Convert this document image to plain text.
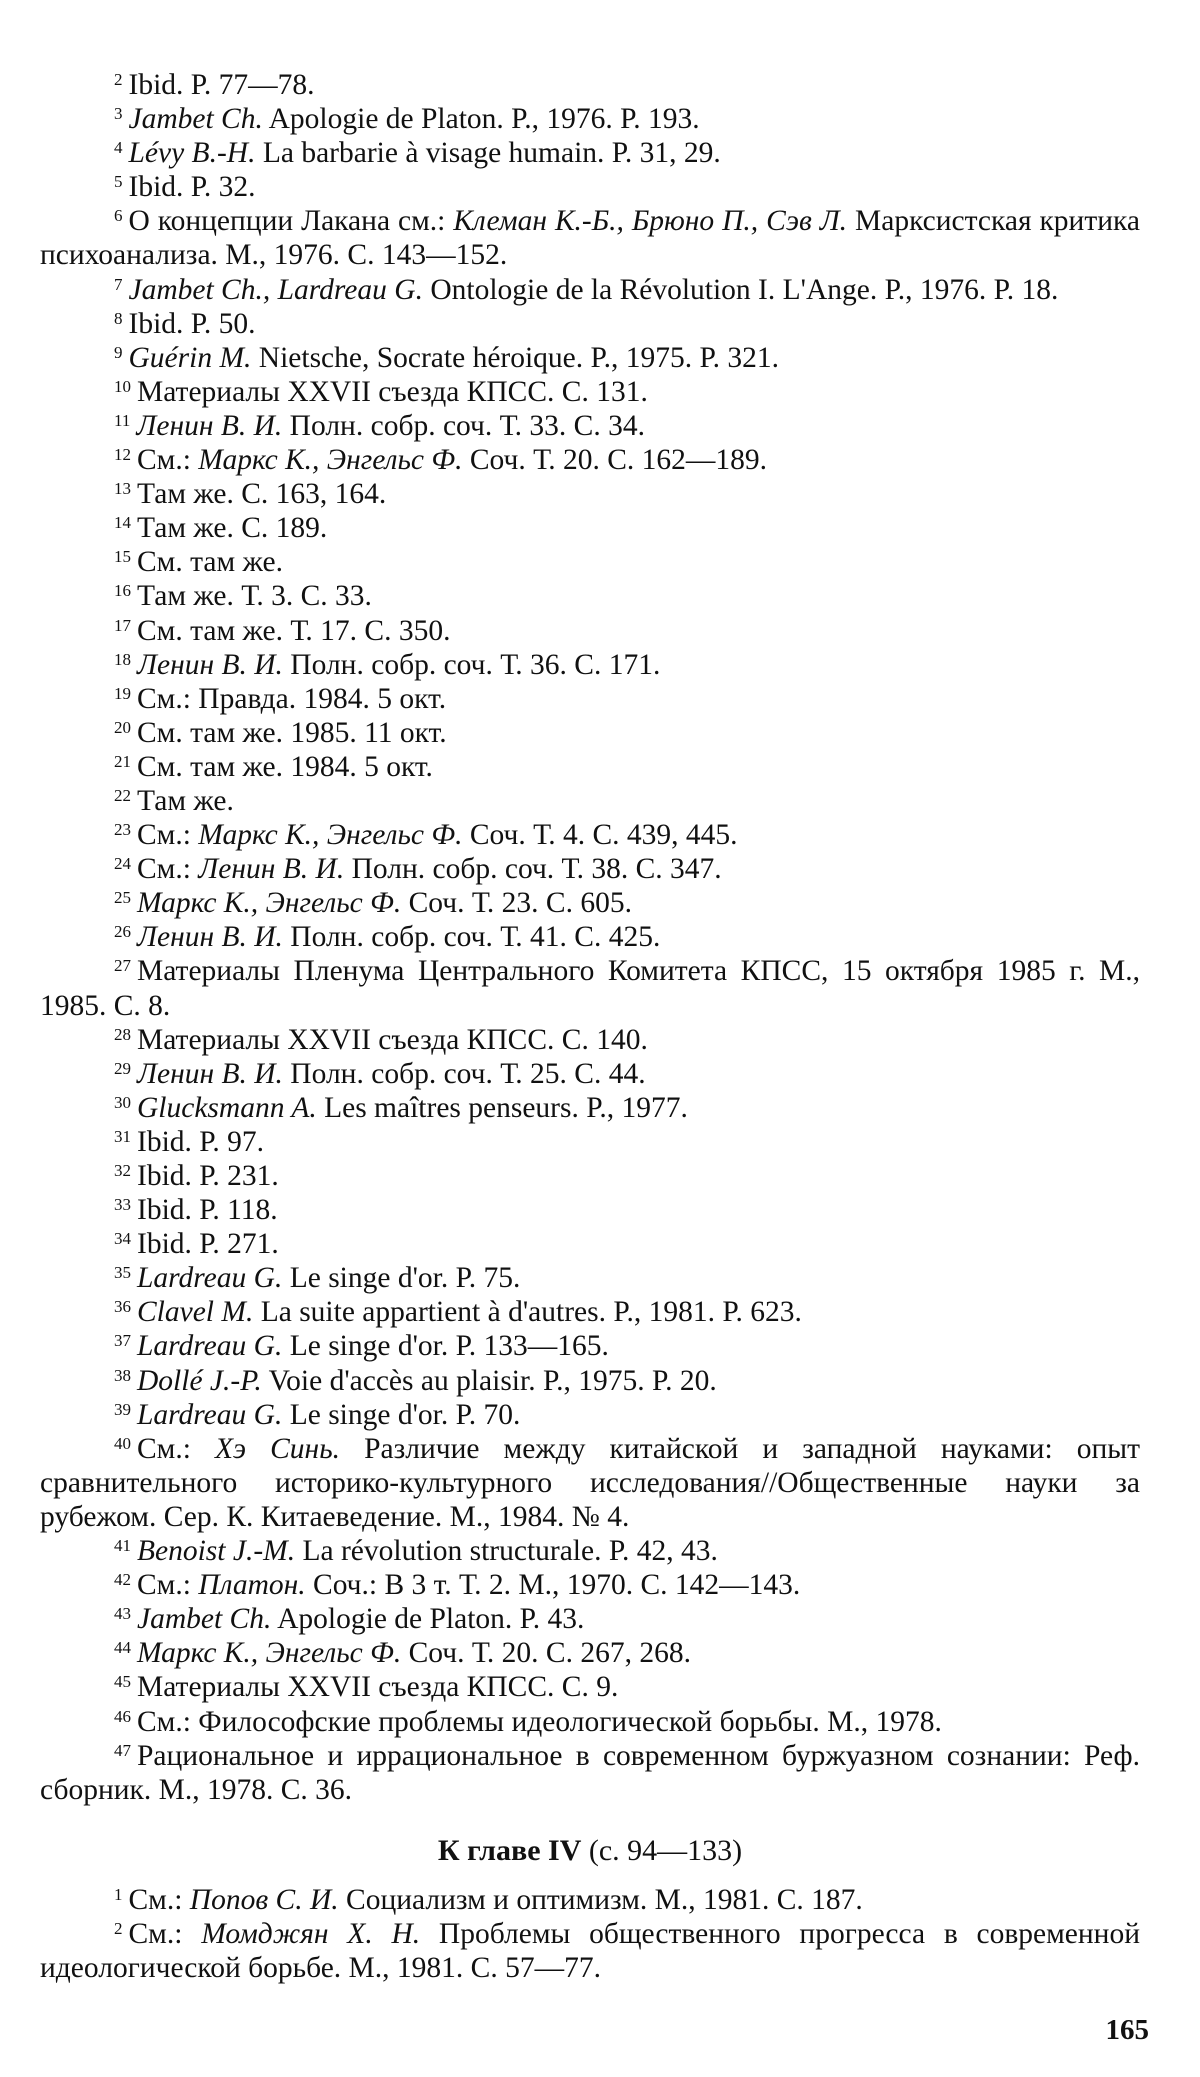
$^2$ Ibid. P. 77—78.

$^3$ Jambet Ch. Apologie de Platon. P., 1976. P. 193.

$^4$ Lévy B.-H. La barbarie à visage humain. P. 31, 29.

$^5$ Ibid. P. 32.

$^6$ О концепции Лакана см.: Клеман К.-Б., Брюно П., Сэв Л. Марксистская критика психоанализа. М., 1976. С. 143—152.

$^7$ Jambet Ch., Lardreau G. Ontologie de la Révolution I. L'Ange. P., 1976. P. 18.

$^8$ Ibid. P. 50.

$^9$ Guérin M. Nietsche, Socrate héroique. P., 1975. P. 321.

$^{10}$ Материалы XXVII съезда КПСС. С. 131.

$^{11}$ Ленин В. И. Полн. собр. соч. Т. 33. С. 34.

$^{12}$ См.: Маркс К., Энгельс Ф. Соч. Т. 20. С. 162—189.

$^{13}$ Там же. С. 163, 164.

$^{14}$ Там же. С. 189.

$^{15}$ См. там же.

$^{16}$ Там же. Т. 3. С. 33.

$^{17}$ См. там же. Т. 17. С. 350.

$^{18}$ Ленин В. И. Полн. собр. соч. Т. 36. С. 171.

$^{19}$ См.: Правда. 1984. 5 окт.

$^{20}$ См. там же. 1985. 11 окт.

$^{21}$ См. там же. 1984. 5 окт.

$^{22}$ Там же.

$^{23}$ См.: Маркс К., Энгельс Ф. Соч. Т. 4. С. 439, 445.

$^{24}$ См.: Ленин В. И. Полн. собр. соч. Т. 38. С. 347.

$^{25}$ Маркс К., Энгельс Ф. Соч. Т. 23. С. 605.

$^{26}$ Ленин В. И. Полн. собр. соч. Т. 41. С. 425.

$^{27}$ Материалы Пленума Центрального Комитета КПСС, 15 октября 1985 г. М., 1985. С. 8.

$^{28}$ Материалы XXVII съезда КПСС. С. 140.

$^{29}$ Ленин В. И. Полн. собр. соч. Т. 25. С. 44.

$^{30}$ Glucksmann A. Les maîtres penseurs. P., 1977.

$^{31}$ Ibid. P. 97.

$^{32}$ Ibid. P. 231.

$^{33}$ Ibid. P. 118.

$^{34}$ Ibid. P. 271.

$^{35}$ Lardreau G. Le singe d'or. P. 75.

$^{36}$ Clavel M. La suite appartient à d'autres. P., 1981. P. 623.

$^{37}$ Lardreau G. Le singe d'or. P. 133—165.

$^{38}$ Dollé J.-P. Voie d'accès au plaisir. P., 1975. P. 20.

$^{39}$ Lardreau G. Le singe d'or. P. 70.

$^{40}$ См.: Хэ Синь. Различие между китайской и западной науками: опыт сравнительного историко-культурного исследования//Общественные науки за рубежом. Сер. К. Китаеведение. М., 1984. № 4.

$^{41}$ Benoist J.-M. La révolution structurale. P. 42, 43.

$^{42}$ См.: Платон. Соч.: В 3 т. Т. 2. М., 1970. С. 142—143.

$^{43}$ Jambet Ch. Apologie de Platon. P. 43.

$^{44}$ Маркс К., Энгельс Ф. Соч. Т. 20. С. 267, 268.

$^{45}$ Материалы XXVII съезда КПСС. С. 9.

$^{46}$ См.: Философские проблемы идеологической борьбы. М., 1978.

$^{47}$ Рациональное и иррациональное в современном буржуазном сознании: Реф. сборник. М., 1978. С. 36.

К главе IV (с. 94—133)

$^1$ См.: Попов С. И. Социализм и оптимизм. М., 1981. С. 187.

$^2$ См.: Момджян Х. Н. Проблемы общественного прогресса в современной идеологической борьбе. М., 1981. С. 57—77.

165
